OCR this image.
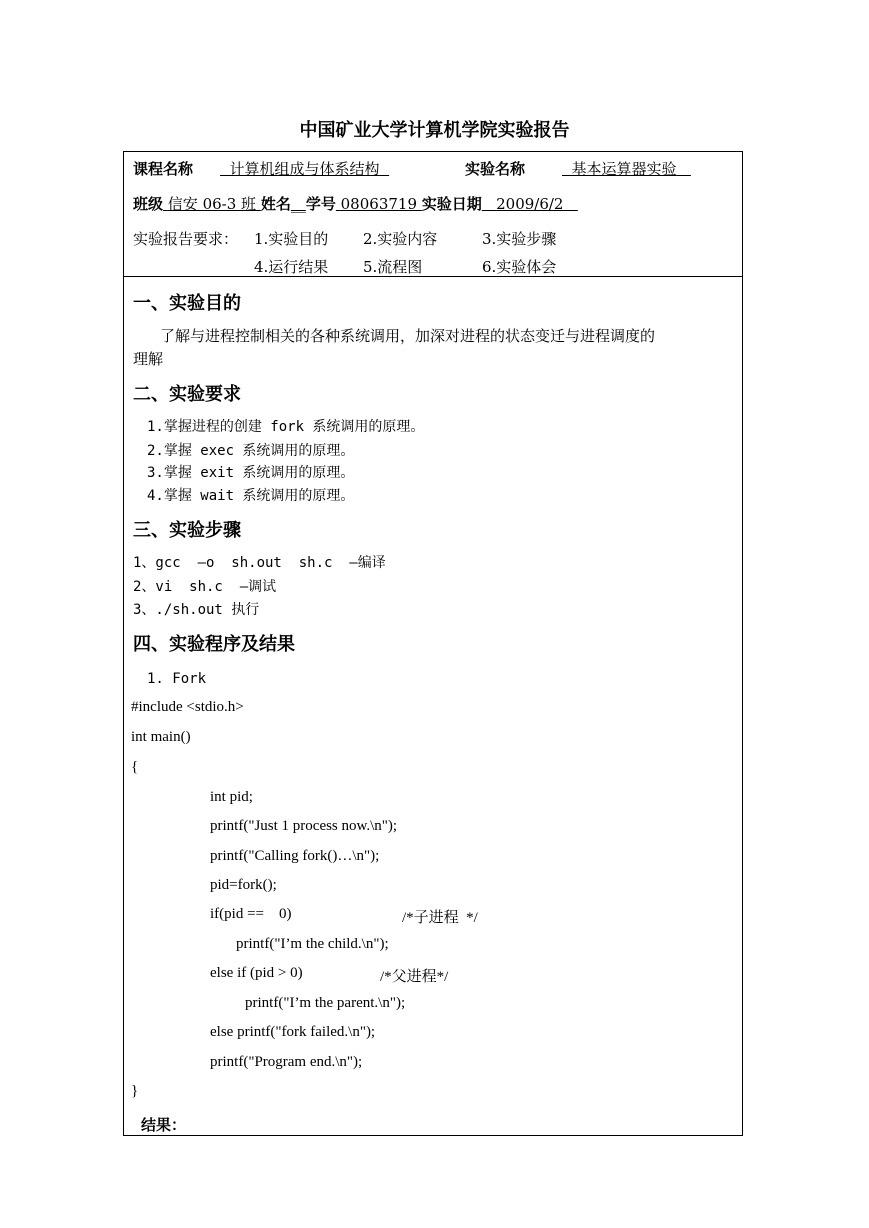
中国矿业大学计算机学院实验报告
课程名称	计算机组成与体系结构	实验名称	基本运算器实验
班级 信安 06-3 班 姓名__学号 08063719 实验日期 2009/6/2
实验报告要求： 1.实验目的 2.实验内容	3.实验步骤
4.运行结果 5.流程图	6.实验体会
一、实验目的
了解与进程控制相关的各种系统调用，加深对进程的状态变迁与进程调度的
理解
二、实验要求
1.掌握进程的创建 fork 系统调用的原理。
2.掌握 exec 系统调用的原理。
3.掌握 exit 系统调用的原理。
4.掌握 wait 系统调用的原理。
三、实验步骤
1、gcc  –o  sh.out  sh.c  –编译
2、vi  sh.c  –调试
3、./sh.out 执行
四、实验程序及结果
1. Fork
#include <stdio.h>
int main()
{
int pid;
printf("Just 1 process now.\n");
printf("Calling fork()…\n");
pid=fork();
if(pid ==    0)	/*子进程  */
printf("I’m the child.\n");
else if (pid > 0)	/*父进程*/
printf("I’m the parent.\n");
else printf("fork failed.\n");
printf("Program end.\n");
}
结果：
